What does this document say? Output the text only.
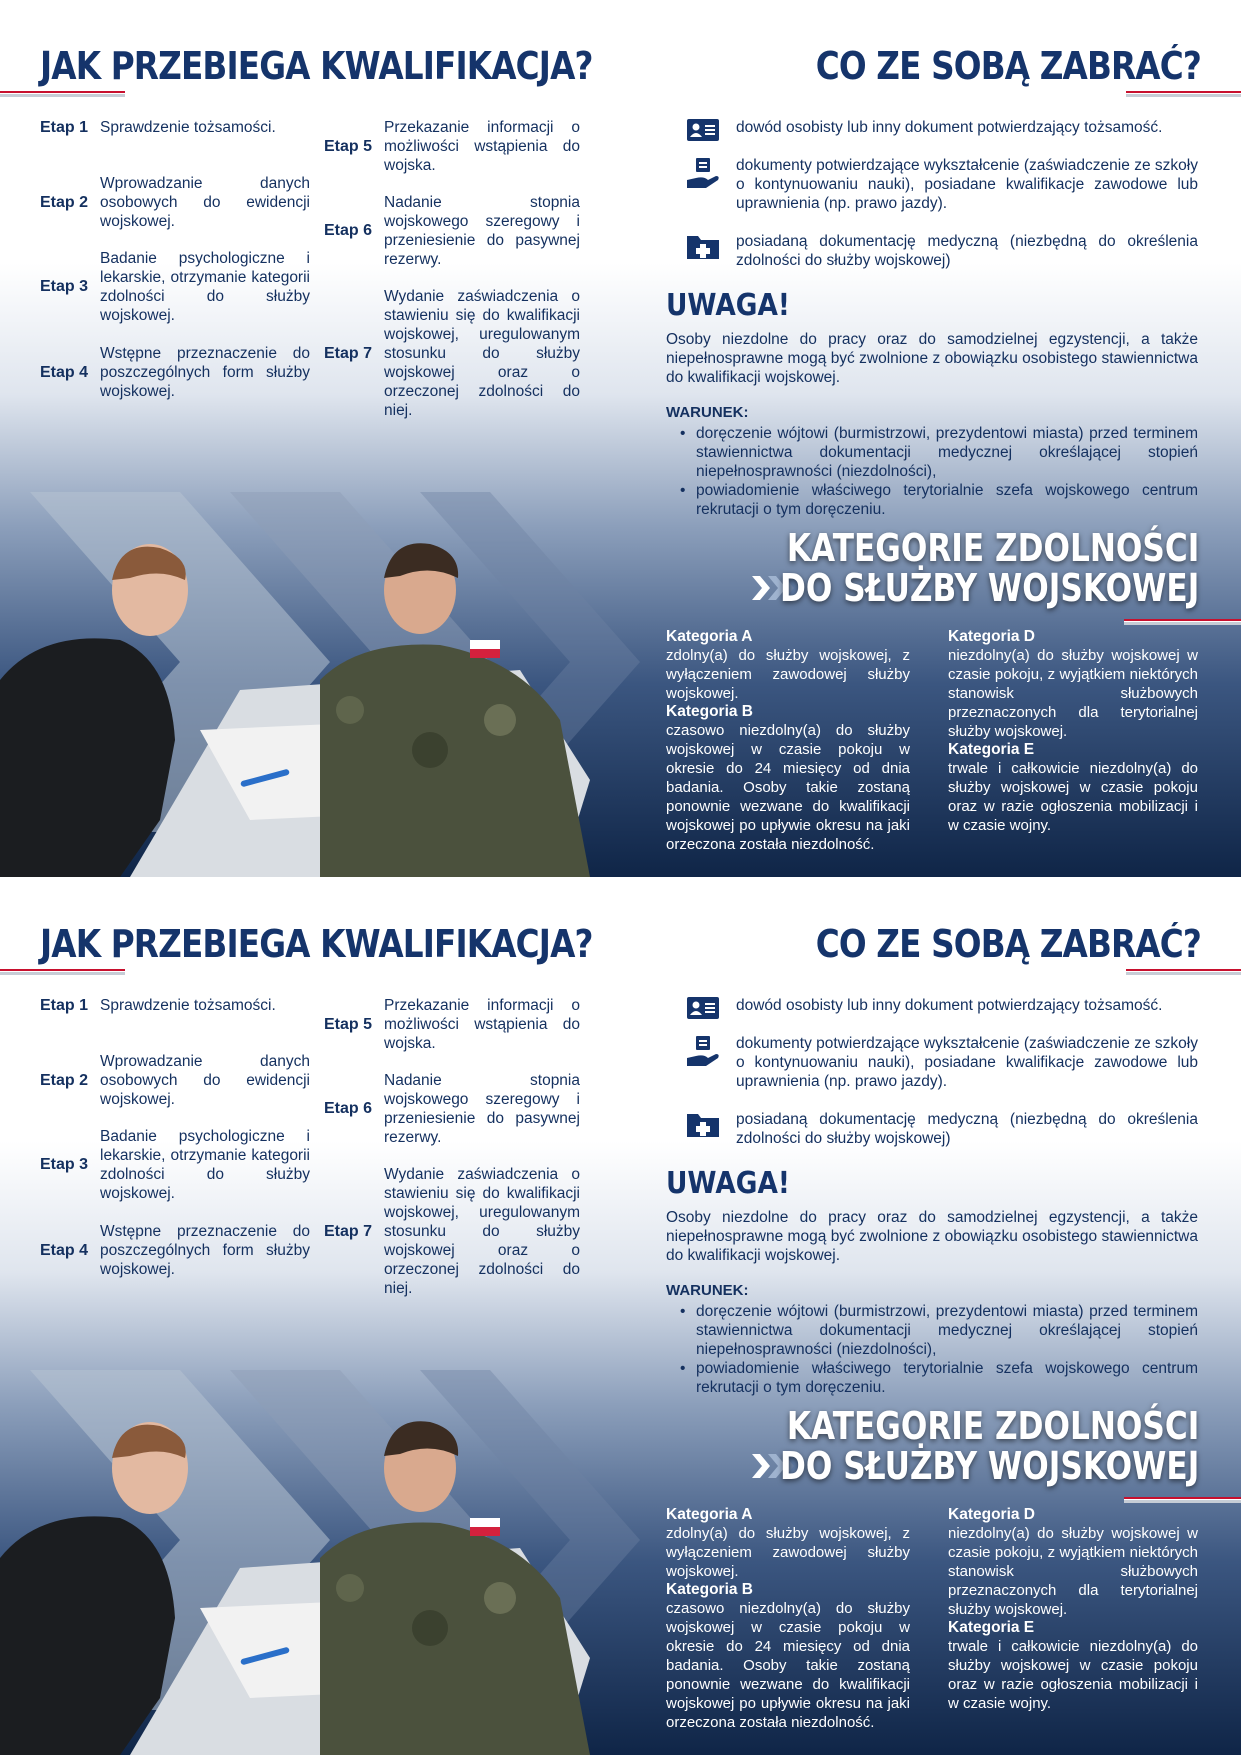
JAK PRZEBIEGA KWALIFIKACJA?
Etap 1 Sprawdzenie tożsamości.
Etap 2
Wprowadzanie danych osobowych do ewidencji wojskowej.
Etap 3
Badanie psychologiczne i lekarskie, otrzymanie kategorii zdolności do służby wojskowej.
Etap 4
Wstępne przeznaczenie do poszczególnych form służby wojskowej.
Etap 5
Przekazanie informacji o możliwości wstąpienia do wojska.
Etap 6
Nadanie stopnia wojskowego szeregowy i przeniesienie do pasywnej rezerwy.
Etap 7
Wydanie zaświadczenia o stawieniu się do kwalifikacji wojskowej, uregulowanym stosunku do służby wojskowej oraz o orzeczonej zdolności do niej.
CO ZE SOBĄ ZABRAĆ?
dowód osobisty lub inny dokument potwierdzający tożsamość.
dokumenty potwierdzające wykształcenie (zaświadczenie ze szkoły o kontynuowaniu nauki), posiadane kwalifikacje zawodowe lub uprawnienia (np. prawo jazdy).
posiadaną dokumentację medyczną (niezbędną do określenia zdolności do służby wojskowej)
UWAGA!

Osoby niezdolne do pracy oraz do samodzielnej egzystencji, a także niepełnosprawne mogą być zwolnione z obowiązku osobistego stawiennictwa do kwalifikacji wojskowej.

WARUNEK:
• doręczenie wójtowi (burmistrzowi, prezydentowi miasta) przed terminem stawiennictwa dokumentacji medycznej określającej stopień niepełnosprawności (niezdolności),
• powiadomienie właściwego terytorialnie szefa wojskowego centrum rekrutacji o tym doręczeniu.
KATEGORIE ZDOLNOŚCI
DO SŁUŻBY WOJSKOWEJ
Kategoria A
zdolny(a) do służby wojskowej, z wyłączeniem zawodowej służby wojskowej.
Kategoria B
czasowo niezdolny(a) do służby wojskowej w czasie pokoju w okresie do 24 miesięcy od dnia badania. Osoby takie zostaną ponownie wezwane do kwalifikacji wojskowej po upływie okresu na jaki orzeczona została niezdolność.
Kategoria D
niezdolny(a) do służby wojskowej w czasie pokoju, z wyjątkiem niektórych stanowisk służbowych przeznaczonych dla terytorialnej służby wojskowej.
Kategoria E
trwale i całkowicie niezdolny(a) do służby wojskowej w czasie pokoju oraz w razie ogłoszenia mobilizacji i w czasie wojny.
JAK PRZEBIEGA KWALIFIKACJA?
Etap 1 Sprawdzenie tożsamości.
Etap 2
Wprowadzanie danych osobowych do ewidencji wojskowej.
Etap 3
Badanie psychologiczne i lekarskie, otrzymanie kategorii zdolności do służby wojskowej.
Etap 4
Wstępne przeznaczenie do poszczególnych form służby wojskowej.
Etap 5
Przekazanie informacji o możliwości wstąpienia do wojska.
Etap 6
Nadanie stopnia wojskowego szeregowy i przeniesienie do pasywnej rezerwy.
Etap 7
Wydanie zaświadczenia o stawieniu się do kwalifikacji wojskowej, uregulowanym stosunku do służby wojskowej oraz o orzeczonej zdolności do niej.
CO ZE SOBĄ ZABRAĆ?
dowód osobisty lub inny dokument potwierdzający tożsamość.
dokumenty potwierdzające wykształcenie (zaświadczenie ze szkoły o kontynuowaniu nauki), posiadane kwalifikacje zawodowe lub uprawnienia (np. prawo jazdy).
posiadaną dokumentację medyczną (niezbędną do określenia zdolności do służby wojskowej)
UWAGA!

Osoby niezdolne do pracy oraz do samodzielnej egzystencji, a także niepełnosprawne mogą być zwolnione z obowiązku osobistego stawiennictwa do kwalifikacji wojskowej.

WARUNEK:
• doręczenie wójtowi (burmistrzowi, prezydentowi miasta) przed terminem stawiennictwa dokumentacji medycznej określającej stopień niepełnosprawności (niezdolności),
• powiadomienie właściwego terytorialnie szefa wojskowego centrum rekrutacji o tym doręczeniu.
KATEGORIE ZDOLNOŚCI
DO SŁUŻBY WOJSKOWEJ
Kategoria A
zdolny(a) do służby wojskowej, z wyłączeniem zawodowej służby wojskowej.
Kategoria B
czasowo niezdolny(a) do służby wojskowej w czasie pokoju w okresie do 24 miesięcy od dnia badania. Osoby takie zostaną ponownie wezwane do kwalifikacji wojskowej po upływie okresu na jaki orzeczona została niezdolność.
Kategoria D
niezdolny(a) do służby wojskowej w czasie pokoju, z wyjątkiem niektórych stanowisk służbowych przeznaczonych dla terytorialnej służby wojskowej.
Kategoria E
trwale i całkowicie niezdolny(a) do służby wojskowej w czasie pokoju oraz w razie ogłoszenia mobilizacji i w czasie wojny.
